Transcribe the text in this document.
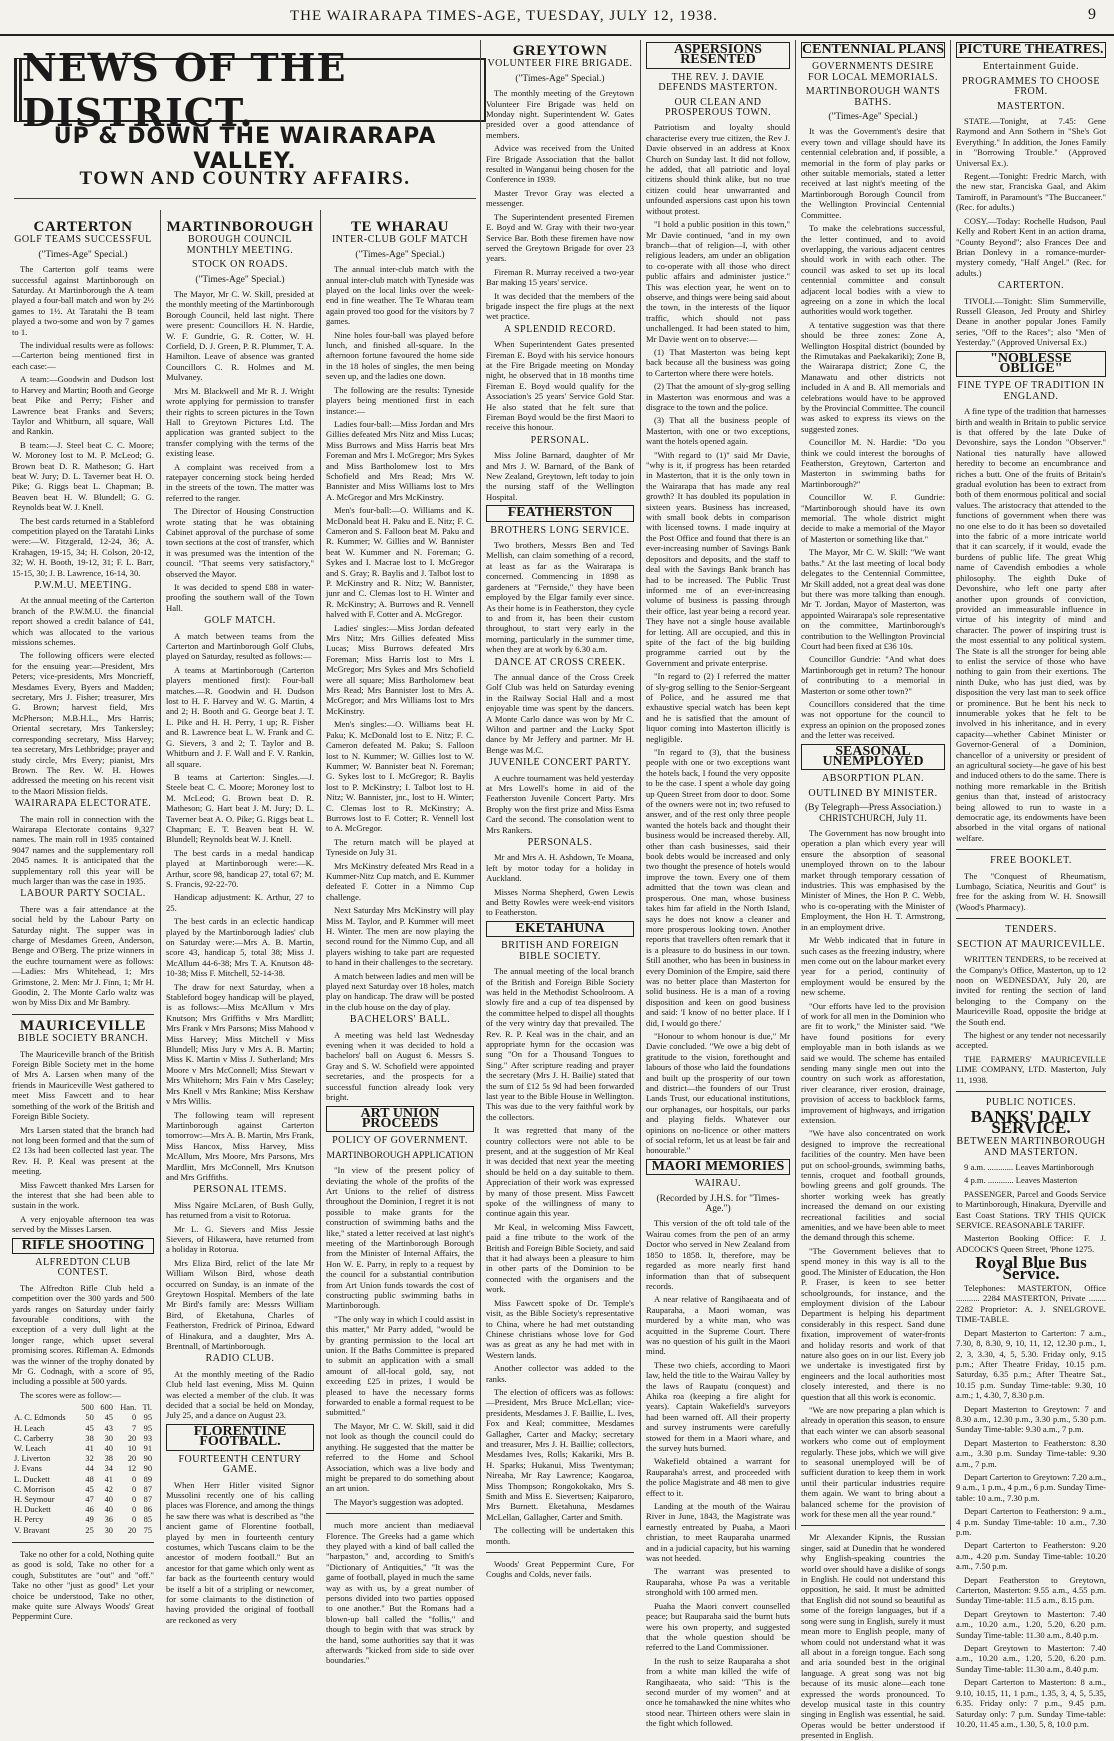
THE WAIRARAPA TIMES-AGE, TUESDAY, JULY 12, 1938.	9
NEWS OF THE DISTRICT.
UP & DOWN THE WAIRARAPA VALLEY.
TOWN AND COUNTRY AFFAIRS.
CARTERTON
GOLF TEAMS SUCCESSFUL
("Times-Age" Special.)

The Carterton golf teams were successful against Martinborough on Saturday. At Martinborough the A team played a four-ball match and won by 2½ games to 1½. At Taratahi the B team played a two-some and won by 7 games to 1.

The individual results were as follows:—Carterton being mentioned first in each case:—

A team:—Goodwin and Dudson lost to Harvey and Martin; Booth and George beat Pike and Perry; Fisher and Lawrence beat Franks and Severs; Taylor and Whitburn, all square, Wall and Rankin.

B team:—J. Steel beat C. C. Moore; W. Moroney lost to M. P. McLeod; G. Brown beat D. R. Matheson; G. Hart beat W. Jury; D. L. Taverner beat H. O. Pike; G. Riggs beat L. Chapman; B. Beaven beat H. W. Blundell; G. G. Reynolds beat W. J. Knell.

The best cards returned in a Stableford competition played on the Taratahi Links were:—W. Fitzgerald, 12-24, 36; A. Krahagen, 19-15, 34; H. Colson, 20-12, 32; W. H. Booth, 19-12, 31; F. L. Barr, 15-15, 30; J. B. Lawrence, 16-14, 30.

P.W.M.U. MEETING.

At the annual meeting of the Carterton branch of the P.W.M.U. the financial report showed a credit balance of £41, which was allocated to the various missions schemes.

The following officers were elected for the ensuing year:—President, Mrs Peters; vice-presidents, Mrs Moncrieff, Mesdames Every, Byers and Madden; secretary, Mrs J. Fisher; treasurer, Mrs G. Brown; harvest field, Mrs McPherson; M.B.H.L., Mrs Harris; Oriental secretary, Mrs Tankersley; corresponding secretary, Miss Harvey; tea secretary, Mrs Lethbridge; prayer and study circle, Mrs Every; pianist, Mrs Brown. The Rev. W. H. Howes addressed the meeting on his recent visit to the Maori Mission fields.

WAIRARAPA ELECTORATE.

The main roll in connection with the Wairarapa Electorate contains 9,327 names. The main roll in 1935 contained 9047 names and the supplementary roll 2045 names. It is anticipated that the supplementary roll this year will be much larger than was the case in 1935.

LABOUR PARTY SOCIAL.

There was a fair attendance at the social held by the Labour Party on Saturday night. The supper was in charge of Mesdames Green, Anderson, Benge and O'Berg. The prize winners in the euchre tournament were as follows:—Ladies: Mrs Whitehead, 1; Mrs Grimstone, 2. Men: Mr J. Finn, 1; Mr H. Goodin, 2. The Monte Carlo waltz was won by Miss Dix and Mr Bambry.

MAURICEVILLE
BIBLE SOCIETY BRANCH.

The Mauriceville branch of the British Foreign Bible Society met in the home of Mrs A. Larsen when many of the friends in Mauriceville West gathered to meet Miss Fawcett and to hear something of the work of the British and Foreign Bible Society.

Mrs Larsen stated that the branch had not long been formed and that the sum of £2 13s had been collected last year. The Rev. H. P. Keal was present at the meeting.

Miss Fawcett thanked Mrs Larsen for the interest that she had been able to sustain in the work.

A very enjoyable afternoon tea was served by the Misses Larsen.

RIFLE SHOOTING
ALFREDTON CLUB CONTEST.

The Alfredton Rifle Club held a competition over the 300 yards and 500 yards ranges on Saturday under fairly favourable conditions, with the exception of a very dull light at the longer range, which upset several promising scores. Rifleman A. Edmonds was the winner of the trophy donated by Mr G. Codnagh, with a score of 95, including a possible at 500 yards.

The scores were as follow:—

	500	600	Han.	Tl.
A. C. Edmonds	50	45	0	95
H. Leach	45	43	7	95
C. Carberry	38	30	20	93
W. Leach	41	40	10	91
J. Liverton	32	38	20	90
J. Evans	44	34	12	90
L. Duckett	48	41	0	89
C. Morrison	45	42	0	87
H. Seymour	47	40	0	87
H. Duckett	46	40	0	86
H. Percy	49	36	0	85
V. Bravant	25	30	20	75

Take no other for a cold, Nothing quite as good is sold, Take no other for a cough, Substitutes are "out" and "off." Take no other "just as good" Let your choice be understood, Take no other, make quite sure Always Woods' Great Peppermint Cure.

MARTINBOROUGH
BOROUGH COUNCIL MONTHLY MEETING.
STOCK ON ROADS.
("Times-Age" Special.)

The Mayor, Mr C. W. Skill, presided at the monthly meeting of the Martinborough Borough Council, held last night. There were present: Councillors H. N. Hardie, W. F. Gundrie, G. R. Cotter, W. H. Corfield, D. J. Green, P. R. Plummer, T. A. Hamilton. Leave of absence was granted Councillors C. R. Holmes and M. Mulvaney.

Mrs M. Blackwell and Mr R. J. Wright wrote applying for permission to transfer their rights to screen pictures in the Town Hall to Greytown Pictures Ltd. The application was granted subject to the transfer complying with the terms of the existing lease.

A complaint was received from a ratepayer concerning stock being herded in the streets of the town. The matter was referred to the ranger.

The Director of Housing Construction wrote stating that he was obtaining Cabinet approval of the purchase of some town sections at the cost of transfer, which it was presumed was the intention of the council. "That seems very satisfactory," observed the Mayor.

It was decided to spend £88 in water-proofing the southern wall of the Town Hall.

GOLF MATCH.

A match between teams from the Carterton and Martinborough Golf Clubs, played on Saturday, resulted as follows:—

A teams at Martinborough (Carterton players mentioned first): Four-ball matches.—R. Goodwin and H. Dudson lost to H. F. Harvey and W. G. Martin, 4 and 2; H. Booth and G. George beat J. T. L. Pike and H. H. Perry, 1 up; R. Fisher and R. Lawrence beat L. W. Frank and C. G. Sievers, 3 and 2; T. Taylor and B. Whitburn and J. F. Wall and F. V. Rankin, all square.

B teams at Carterton: Singles.—J. Steele beat C. C. Moore; Moroney lost to M. McLeod; G. Brown beat D. R. Matheson; G. Hart beat J. M. Jury; D. L. Taverner beat A. O. Pike; G. Riggs beat L. Chapman; E. T. Beaven beat H. W. Blundell; Reynolds beat W. J. Knell.

The best cards in a medal handicap played at Martinborough were:—K. Arthur, score 98, handicap 27, total 67; M. S. Francis, 92-22-70.

Handicap adjustment: K. Arthur, 27 to 25.

The best cards in an eclectic handicap played by the Martinborough ladies' club on Saturday were:—Mrs A. B. Martin, score 43, handicap 5, total 38; Miss J. McAllum 44-6-38; Mrs T. A. Knutson 48-10-38; Miss F. Mitchell, 52-14-38.

The draw for next Saturday, when a Stableford bogey handicap will be played, is as follows:—Miss McAllum v Mrs Knutson; Mrs Griffiths v Mrs Mardlitt; Mrs Frank v Mrs Parsons; Miss Mahood v Miss Harvey; Miss Mitchell v Miss Blundell; Miss Jury v Mrs A. B. Martin; Miss K. Martin v Miss J. Sutherland; Mrs Moore v Mrs McConnell; Miss Stewart v Mrs Whitehorn; Mrs Fain v Mrs Caseley; Mrs Knell v Mrs Rankine; Miss Kershaw v Mrs Willis.

The following team will represent Martinborough against Carterton tomorrow:—Mrs A. B. Martin, Mrs Frank, Miss Hancox, Miss Harvey, Miss McAllum, Mrs Moore, Mrs Parsons, Mrs Mardlitt, Mrs McConnell, Mrs Knutson and Mrs Griffiths.

PERSONAL ITEMS.

Miss Ngaire McLaren, of Bush Gully, has returned from a visit to Rotorua.

Mr L. G. Sievers and Miss Jessie Sievers, of Hikawera, have returned from a holiday in Rotorua.

Mrs Eliza Bird, relict of the late Mr William Wilson Bird, whose death occurred on Sunday, is an inmate of the Greytown Hospital. Members of the late Mr Bird's family are: Messrs William Bird, of Eketahuna, Charles of Featherston, Fredrick of Pirinoa, Edward of Hinakura, and a daughter, Mrs A. Brentnall, of Martinborough.

RADIO CLUB.

At the monthly meeting of the Radio Club held last evening, Miss M. Quinn was elected a member of the club. It was decided that a social be held on Monday, July 25, and a dance on August 23.

FLORENTINE FOOTBALL.
FOURTEENTH CENTURY GAME.

When Herr Hitler visited Signor Mussolini recently one of his calling places was Florence, and among the things he saw there was what is described as "the ancient game of Florentine football, played by men in fourteenth century costumes, which Tuscans claim to be the ancestor of modern football." But an ancestor for that game which only went as far back as the fourteenth century would be itself a bit of a stripling or newcomer, for some claimants to the distinction of having provided the original of football are reckoned as very

TE WHARAU
INTER-CLUB GOLF MATCH
("Times-Age" Special.)

The annual inter-club match with the annual inter-club match with Tyneside was played on the local links over the week-end in fine weather. The Te Wharau team again proved too good for the visitors by 7 games.

Nine holes four-ball was played before lunch, and finished all-square. In the afternoon fortune favoured the home side in the 18 holes of singles, the men being seven up, and the ladies one down.

The following are the results: Tyneside players being mentioned first in each instance:—

Ladies four-ball:—Miss Jordan and Mrs Gillies defeated Mrs Nitz and Miss Lucas; Miss Burrows and Miss Harris beat Mrs Foreman and Mrs I. McGregor; Mrs Sykes and Miss Bartholomew lost to Mrs Schofield and Mrs Read; Mrs W. Bannister and Miss Williams lost to Mrs A. McGregor and Mrs McKinstry.

Men's four-ball:—O. Williams and K. McDonald beat H. Paku and E. Nitz; F. C. Cameron and S. Falloon beat M. Paku and R. Kummer; W. Gillies and W. Bannister beat W. Kummer and N. Foreman; G. Sykes and I. Macrae lost to I. McGregor and S. Gray; R. Baylis and J. Talbot lost to P. McKinstry and R. Nitz; W. Bannister, junr and C. Clemas lost to H. Winter and R. McKinstry; A. Burrows and R. Vennell halved with F. Cotter and A. McGregor.

Ladies' singles:—Miss Jordan defeated Mrs Nitz; Mrs Gillies defeated Miss Lucas; Miss Burrows defeated Mrs Foreman; Miss Harris lost to Mrs I. McGregor; Mrs Sykes and Mrs Schofield were all square; Miss Bartholomew beat Mrs Read; Mrs Bannister lost to Mrs A. McGregor; and Mrs Williams lost to Mrs McKinstry.

Men's singles:—O. Williams beat H. Paku; K. McDonald lost to E. Nitz; F. C. Cameron defeated M. Paku; S. Falloon lost to N. Kummer; W. Gillies lost to W. Kummer; W. Bannister beat N. Foreman; G. Sykes lost to I. McGregor; R. Baylis lost to P. McKinstry; I. Talbot lost to H. Nitz; W. Bannister, jnr., lost to H. Winter; C. Clemas lost to R. McKinstry; A. Burrows lost to F. Cotter; R. Vennell lost to A. McGregor.

The return match will be played at Tyneside on July 31.

Mrs McKinstry defeated Mrs Read in a Kummer-Nitz Cup match, and E. Kummer defeated F. Cotter in a Nimmo Cup challenge.

Next Saturday Mrs McKinstry will play Miss M. Taylor, and P. Kummer will meet H. Winter. The men are now playing the second round for the Nimmo Cup, and all players wishing to take part are requested to hand in their challenges to the secretary.

A match between ladies and men will be played next Saturday over 18 holes, match play on handicap. The draw will be posted in the club house on the day of play.

BACHELORS' BALL.

A meeting was held last Wednesday evening when it was decided to hold a bachelors' ball on August 6. Messrs S. Gray and S. W. Schofield were appointed secretaries, and the prospects for a successful function already look very bright.

ART UNION PROCEEDS
POLICY OF GOVERNMENT.
MARTINBOROUGH APPLICATION

"In view of the present policy of deviating the whole of the profits of the Art Unions to the relief of distress throughout the Dominion, I regret it is not possible to make grants for the construction of swimming baths and the like," stated a letter received at last night's meeting of the Martinborough Borough from the Minister of Internal Affairs, the Hon W. E. Parry, in reply to a request by the council for a substantial contribution from Art Union funds towards the cost of constructing public swimming baths in Martinborough.

"The only way in which I could assist in this matter," Mr Parry added, "would be by granting permission to the local art union. If the Baths Committee is prepared to submit an application with a small amount of all-local gold, say, not exceeding £25 in prizes, I would be pleased to have the necessary forms forwarded to enable a formal request to be submitted."

The Mayor, Mr C. W. Skill, said it did not look as though the council could do anything. He suggested that the matter be referred to the Home and School Association, which was a live body and might be prepared to do something about an art union.

The Mayor's suggestion was adopted.

much more ancient than mediaeval Florence. The Greeks had a game which they played with a kind of ball called the "harpaston," and, according to Smith's "Dictionary of Antiquities," "It was the game of football, played in much the same way as with us, by a great number of persons divided into two parties opposed to one another." But the Romans had a blown-up ball called the "follis," and though to begin with that was struck by the hand, some authorities say that it was afterwards "kicked from side to side over boundaries."

GREYTOWN
VOLUNTEER FIRE BRIGADE.
("Times-Age" Special.)

The monthly meeting of the Greytown Volunteer Fire Brigade was held on Monday night. Superintendent W. Gates presided over a good attendance of members.

Advice was received from the United Fire Brigade Association that the ballot resulted in Wanganui being chosen for the Conference in 1939.

Master Trevor Gray was elected a messenger.

The Superintendent presented Firemen E. Boyd and W. Gray with their two-year Service Bar. Both these firemen have now served the Greytown Brigade for over 23 years.

Fireman R. Murray received a two-year Bar making 15 years' service.

It was decided that the members of the brigade inspect the fire plugs at the next wet practice.

A SPLENDID RECORD.

When Superintendent Gates presented Fireman E. Boyd with his service honours at the Fire Brigade meeting on Monday night, he observed that in 18 months time Fireman E. Boyd would qualify for the Association's 25 years' Service Gold Star. He also stated that he felt sure that Fireman Boyd would be the first Maori to receive this honour.

PERSONAL.

Miss Joline Barnard, daughter of Mr and Mrs J. W. Barnard, of the Bank of New Zealand, Greytown, left today to join the nursing staff of the Wellington Hospital.

FEATHERSTON
BROTHERS LONG SERVICE.

Two brothers, Messrs Ben and Ted Mellish, can claim something of a record, at least as far as the Wairarapa is concerned. Commencing in 1898 as gardeners at "Fernside," they have been employed by the Elgar family ever since. As their home is in Featherston, they cycle to and from it, has been their custom throughout, to start very early in the morning, particularly in the summer time, when they are at work by 6.30 a.m.

DANCE AT CROSS CREEK.

The annual dance of the Cross Creek Golf Club was held on Saturday evening in the Railway Social Hall and a most enjoyable time was spent by the dancers. A Monte Carlo dance was won by Mr C. Wilton and partner and the Lucky Spot dance by Mr Jeffery and partner. Mr H. Benge was M.C.

JUVENILE CONCERT PARTY.

A euchre tournament was held yesterday at Mrs Lowell's home in aid of the Featherston Juvenile Concert Party. Mrs Brophy won the first prize and Miss Esma Card the second. The consolation went to Mrs Rankers.

PERSONALS.

Mr and Mrs A. H. Ashdown, Te Moana, left by motor today for a holiday in Auckland.

Misses Norma Shepherd, Gwen Lewis and Betty Rowles were week-end visitors to Featherston.

EKETAHUNA
BRITISH AND FOREIGN BIBLE SOCIETY.

The annual meeting of the local branch of the British and Foreign Bible Society was held in the Methodist Schoolroom. A slowly fire and a cup of tea dispensed by the committee helped to dispel all thoughts of the very wintry day that prevailed. The Rev. R. P. Keal was in the chair, and an appropriate hymn for the occasion was sung "On for a Thousand Tongues to Sing." After scripture reading and prayer the secretary (Mrs J. H. Bailie) stated that the sum of £12 5s 9d had been forwarded last year to the Bible House in Wellington. This was due to the very faithful work by the collectors.

It was regretted that many of the country collectors were not able to be present, and at the suggestion of Mr Keal it was decided that next year the meeting should be held on a day suitable to them. Appreciation of their work was expressed by many of those present. Miss Fawcett spoke of the willingness of many to continue again this year.

Mr Keal, in welcoming Miss Fawcett, paid a fine tribute to the work of the British and Foreign Bible Society, and said that it had always been a pleasure to him in other parts of the Dominion to be connected with the organisers and the work.

Miss Fawcett spoke of Dr. Temple's visit, as the Bible Society's representative to China, where he had met outstanding Chinese christians whose love for God was as great as any he had met with in Western lands.

Another collector was added to the ranks.

The election of officers was as follows:—President, Mrs Bruce McLellan; vice-presidents, Mesdames J. F. Baillie, L. Ives, Fox and Keal; committee, Mesdames Gallagher, Carter and Macky; secretary and treasurer, Mrs J. H. Baillie; collectors, Mesdames Ives, Rolls; Kakariki, Mrs B. H. Sparks; Hukanui, Miss Twentyman; Nireaha, Mr Ray Lawrence; Kaogaroa, Miss Thompson; Rongokokako, Mrs S. Smith and Miss E. Sievertsen; Kaiparoro, Mrs Burnett. Eketahuna, Mesdames McLellan, Gallagher, Carter and Smith.

The collecting will be undertaken this month.

Woods' Great Peppermint Cure, For Coughs and Colds, never fails.

ASPERSIONS RESENTED
THE REV. J. DAVIE DEFENDS MASTERTON.
OUR CLEAN AND PROSPEROUS TOWN.

Patriotism and loyalty should characterise every true citizen, the Rev J. Davie observed in an address at Knox Church on Sunday last. It did not follow, he added, that all patriotic and loyal citizens should think alike, but no true citizen could hear unwarranted and unfounded aspersions cast upon his town without protest.

"I hold a public position in this town," Mr Davie continued, "and in my own branch—that of religion—I, with other religious leaders, am under an obligation to co-operate with all those who direct public affairs and administer justice." This was election year, he went on to observe, and things were being said about the town, in the interests of the liquor traffic, which should not pass unchallenged. It had been stated to him, Mr Davie went on to observe:—

(1) That Masterton was being kept back because all the business was going to Carterton where there were hotels.

(2) That the amount of sly-grog selling in Masterton was enormous and was a disgrace to the town and the police.

(3) That all the business people of Masterton, with one or two exceptions, want the hotels opened again.

"With regard to (1)" said Mr Davie, "why is it, if progress has been retarded in Masterton, that it is the only town in the Wairarapa that has made any real growth? It has doubled its population in sixteen years. Business has increased, with small book debts in comparison with licensed towns. I made inquiry at the Post Office and found that there is an ever-increasing number of Savings Bank depositors and deposits, and the staff to deal with the Savings Bank branch has had to be increased. The Public Trust informed me of an ever-increasing volume of business is passing through their office, last year being a record year. They have not a single house available for letting. All are occupied, and this in spite of the fact of the big building programme carried out by the Government and private enterprise.

"In regard to (2) I referred the matter of sly-grog selling to the Senior-Sergeant of Police, and he assured me that exhaustive special watch has been kept and he is satisfied that the amount of liquor coming into Masterton illicitly is negligible.

"In regard to (3), that the business people with one or two exceptions want the hotels back, I found the very opposite to be the case. I spent a whole day going up Queen Street from door to door. Some of the owners were not in; two refused to answer, and of the rest only three people wanted the hotels back and thought their business would be increased thereby. All, other than cash businesses, said their book debts would be increased and only two thought the presence of hotels would improve the town. Every one of them admitted that the town was clean and prosperous. One man, whose business takes him far afield in the North Island, says he does not know a cleaner and more prosperous looking town. Another reports that travellers often remark that it is a pleasure to do business in our town. Still another, who has been in business in every Dominion of the Empire, said there was no better place than Masterton for solid business. He is a man of a roving disposition and keen on good business and said: 'I know of no better place. If I did, I would go there.'

"Honour to whom honour is due," Mr Davie concluded. "We owe a big debt of gratitude to the vision, forethought and labours of those who laid the foundations and built up the prosperity of our town and district—the founders of our Trust Lands Trust, our educational institutions, our orphanages, our hospitals, our parks and playing fields. Whatever our opinions on no-licence or other matters of social reform, let us at least be fair and honourable."

MAORI MEMORIES
WAIRAU.
(Recorded by J.H.S. for "Times-Age.")

This version of the oft told tale of the Wairau comes from the pen of an army Doctor who served in New Zealand from 1850 to 1858. It, therefore, may be regarded as more nearly first hand information than that of subsequent records.

A near relative of Rangihaeata and of Rauparaha, a Maori woman, was murdered by a white man, who was acquitted in the Supreme Court. There was no question of his guilt in the Maori mind.

These two chiefs, according to Maori law, held the title to the Wairau Valley by the laws of Raupatu (conquest) and Ahika roa (keeping a fire alight for years). Captain Wakefield's surveyors had been warned off. All their property and survey instruments were carefully stowed for them in a Maori whare, and the survey huts burned.

Wakefield obtained a warrant for Rauparaha's arrest, and proceeded with the police Magistrate and 48 men to give effect to it.

Landing at the mouth of the Wairau River in June, 1843, the Magistrate was earnestly entreated by Puaha, a Maori christian, to meet Rauparaha unarmed and in a judicial capacity, but his warning was not heeded.

The warrant was presented to Rauparaha, whose Pa was a veritable stronghold with 100 armed men.

Puaha the Maori convert counselled peace; but Rauparaha said the burnt huts were his own property, and suggested that the whole question should be referred to the Land Commissioner.

In the rush to seize Rauparaha a shot from a white man killed the wife of Rangihaeata, who said: "This is the second murder of my women" and at once he tomahawked the nine whites who stood near. Thirteen others were slain in the fight which followed.

CENTENNIAL PLANS
GOVERNMENTS DESIRE FOR LOCAL MEMORIALS.
MARTINBOROUGH WANTS BATHS.
("Times-Age" Special.)

It was the Government's desire that every town and village should have its centennial celebration and, if possible, a memorial in the form of play parks or other suitable memorials, stated a letter received at last night's meeting of the Martinborough Borough Council from the Wellington Provincial Centennial Committee.

To make the celebrations successful, the letter continued, and to avoid overlapping, the various adjacent centres should work in with each other. The council was asked to set up its local centennial committee and consult adjacent local bodies with a view to agreeing on a zone in which the local authorities would work together.

A tentative suggestion was that there should be three zones: Zone A, Wellington Hospital district (bounded by the Rimutakas and Paekakariki); Zone B, the Wairarapa district; Zone C, the Manawatu and other districts not included in A and B. All memorials and celebrations would have to be approved by the Provincial Committee. The council was asked to express its views on the suggested zones.

Councillor M. N. Hardie: "Do you think we could interest the boroughs of Featherston, Greytown, Carterton and Masterton in swimming baths for Martinborough?"

Councillor W. F. Gundrie: "Martinborough should have its own memorial. The whole district might decide to make a memorial of the Mayor of Masterton or something like that."

The Mayor, Mr C. W. Skill: "We want baths." At the last meeting of local body delegates to the Centennial Committee, Mr Skill added, not a great deal was done but there was more talking than enough. Mr T. Jordan, Mayor of Masterton, was appointed Wairarapa's sole representative on the committee, Martinborough's contribution to the Wellington Provincial Court had been fixed at £36 10s.

Councillor Gundrie: "And what does Martinborough get in return? The honour of contributing to a memorial in Masterton or some other town?"

Councillors considered that the time was not opportune for the council to express an opinion on the proposed zones and the letter was received.

SEASONAL UNEMPLOYED
ABSORPTION PLAN.
OUTLINED BY MINISTER.
(By Telegraph—Press Association.) CHRISTCHURCH, July 11.

The Government has now brought into operation a plan which every year will ensure the absorption of seasonal unemployed thrown on to the labour market through temporary cessation of industries. This was emphasised by the Minister of Mines, the Hon P. C. Webb, who is co-operating with the Minister of Employment, the Hon H. T. Armstrong, in an employment drive.

Mr Webb indicated that in future in such cases as the freezing industry, where men come out on the labour market every year for a period, continuity of employment would be ensured by the new scheme.

"Our efforts have led to the provision of work for all men in the Dominion who are fit to work," the Minister said. "We have found positions for every employable man in both islands as we said we would. The scheme has entailed sending many single men out into the country on such work as afforestation, river clearance, river erosion, drainage, provision of access to backblock farms, improvement of highways, and irrigation extension.

"We have also concentrated on work designed to improve the recreational facilities of the country. Men have been put on school-grounds, swimming baths, tennis, croquet and football grounds, bowling greens and golf grounds. The shorter working week has greatly increased the demand on our existing recreational facilities and social amenities, and we have been able to meet the demand through this scheme.

"The Government believes that to spend money in this way is all to the good. The Minister of Education, the Hon P. Fraser, is keen to see better schoolgrounds, for instance, and the employment division of the Labour Department is helping his department considerably in this respect. Sand dune fixation, improvement of water-fronts and holiday resorts and work of that nature also goes on in our list. Every job we undertake is investigated first by engineers and the local authorities most closely interested, and there is no question that all this work is economic.

"We are now preparing a plan which is already in operation this season, to ensure that each winter we can absorb seasonal workers who come out of employment regularly. These jobs, which we will give to seasonal unemployed will be of sufficient duration to keep them in work until their particular industries require them again. We want to bring about a balanced scheme for the provision of work for these men all the year round."

Mr Alexander Kipnis, the Russian singer, said at Dunedin that he wondered why English-speaking countries the world over should have a dislike of songs in English. He could not understand this opposition, he said. It must be admitted that English did not sound so beautiful as some of the foreign languages, but if a song were sung in English, surely it must mean more to English people, many of whom could not understand what it was all about in a foreign tongue. Each song and aria sounded best in the original language. A great song was not big because of its music alone—each tone expressed the words pronounced. To develop musical taste in this country singing in English was essential, he said. Operas would be better understood if presented in English.

PICTURE THEATRES.
Entertainment Guide.
PROGRAMMES TO CHOOSE FROM.
MASTERTON.

STATE.—Tonight, at 7.45: Gene Raymond and Ann Sothern in "She's Got Everything." In addition, the Jones Family in "Borrowing Trouble." (Approved Universal Ex.).

Regent.—Tonight: Fredric March, with the new star, Franciska Gaal, and Akim Tamiroff, in Paramount's "The Buccaneer." (Rec. for adults.)

COSY.—Today: Rochelle Hudson, Paul Kelly and Robert Kent in an action drama, "County Beyond"; also Frances Dee and Brian Donlevy in a romance-murder-mystery comedy, "Half Angel." (Rec. for adults.)

CARTERTON.

TIVOLI.—Tonight: Slim Summerville, Russell Gleason, Jed Prouty and Shirley Deane in another popular Jones Family series, "Off to the Races"; also "Men of Yesterday." (Approved Universal Ex.)

"NOBLESSE OBLIGE"
FINE TYPE OF TRADITION IN ENGLAND.

A fine type of the tradition that harnesses birth and wealth in Britain to public service is that offered by the late Duke of Devonshire, says the London "Observer." National ties naturally have allowed heredity to become an encumbrance and riches a butt. One of the fruits of Britain's gradual evolution has been to extract from both of them enormous political and social values. The aristocracy that attended to the functions of government when there was no one else to do it has been so dovetailed into the fabric of a more intricate world that it can scarcely, if it would, evade the burdens of public life. The great Whig name of Cavendish embodies a whole philosophy. The eighth Duke of Devonshire, who left one party after another upon grounds of conviction, provided an immeasurable influence in virtue of his integrity of mind and character. The power of inspiring trust is the most essential to any political system. The State is all the stronger for being able to enlist the service of those who have nothing to gain from their exertions. The ninth Duke, who has just died, was by disposition the very last man to seek office or prominence. But he bent his neck to innumerable yokes that he felt to be involved in his inheritance, and in every capacity—whether Cabinet Minister or Governor-General of a Dominion, chancellor of a university or president of an agricultural society—he gave of his best and induced others to do the same. There is nothing more remarkable in the British genius than that, instead of aristocracy being allowed to run to waste in a democratic age, its endowments have been absorbed in the vital organs of national welfare.

FREE BOOKLET.

The "Conquest of Rheumatism, Lumbago, Sciatica, Neuritis and Gout" is free for the asking from W. H. Snowsill (Wood's Pharmacy).

TENDERS.
SECTION AT MAURICEVILLE.

WRITTEN TENDERS, to be received at the Company's Office, Masterton, up to 12 noon on WEDNESDAY, July 20, are invited for renting the section of land belonging to the Company on the Mauriceville Road, opposite the bridge at the South end.

The highest or any tender not necessarily accepted.

THE FARMERS' MAURICEVILLE LIME COMPANY, LTD. Masterton, July 11, 1938.

PUBLIC NOTICES.
BANKS' DAILY SERVICE.
BETWEEN MARTINBOROUGH AND MASTERTON.

9 a.m. ............ Leaves Martinborough

4 p.m. ............ Leaves Masterton

PASSENGER, Parcel and Goods Service to Martinborough, Hinakura, Dyerville and East Coast Stations. TRY THIS QUICK SERVICE. REASONABLE TARIFF.

Masterton Booking Office: F. J. ADCOCK'S Queen Street, 'Phone 1275.

Royal Blue Bus Service.

Telephones: MASTERTON, Office ........... 2284 MASTERTON, Private ........ 2282 Proprietor: A. J. SNELGROVE. TIME-TABLE.

Depart Masterton to Carterton: 7 a.m., 7.30, 8, 8.30, 9, 10, 11, 12, 12.30 p.m., 1, 2, 3, 3.30, 4, 5, 5.30. Friday only, 9.15 p.m.; After Theatre Friday, 10.15 p.m. Saturday, 6.35 p.m.; After Theatre Sat., 10.15 p.m. Sunday Time-table: 9.30, 10 a.m.; 1, 4.30, 7, 8.30 p.m.

Depart Masterton to Greytown: 7 and 8.30 a.m., 12.30 p.m., 3.30 p.m., 5.30 p.m. Sunday Time-table: 9.30 a.m., 7 p.m.

Depart Masterton to Featherston: 8.30 a.m., 3.30 p.m. Sunday Time-table: 9.30 a.m., 7 p.m.

Depart Carterton to Greytown: 7.20 a.m., 9 a.m., 1 p.m., 4 p.m., 6 p.m. Sunday Time-table: 10 a.m., 7.30 p.m.

Depart Carterton to Featherston: 9 a.m., 4 p.m. Sunday Time-table: 10 a.m., 7.30 p.m.

Depart Carterton to Featherston: 9.20 a.m., 4.20 p.m. Sunday Time-table: 10.20 a.m., 7.50 p.m.

Depart Featherston to Greytown, Carterton, Masterton: 9.55 a.m., 4.55 p.m. Sunday Time-table: 11.5 a.m., 8.15 p.m.

Depart Greytown to Masterton: 7.40 a.m., 10.20 a.m., 1.20, 5.20, 6.20 p.m. Sunday Time-table: 11.30 a.m., 8.40 p.m.

Depart Greytown to Masterton: 7.40 a.m., 10.20 a.m., 1.20, 5.20, 6.20 p.m. Sunday Time-table: 11.30 a.m., 8.40 p.m.

Depart Carterton to Masterton: 8 a.m., 9.10, 10.15, 11, 1 p.m., 1.35, 3, 4, 5, 5.35, 6.35. Friday only: 7 p.m., 9.45 p.m. Saturday only: 7 p.m. Sunday Time-table: 10.20, 11.45 a.m., 1.30, 5, 8, 10.0 p.m.
